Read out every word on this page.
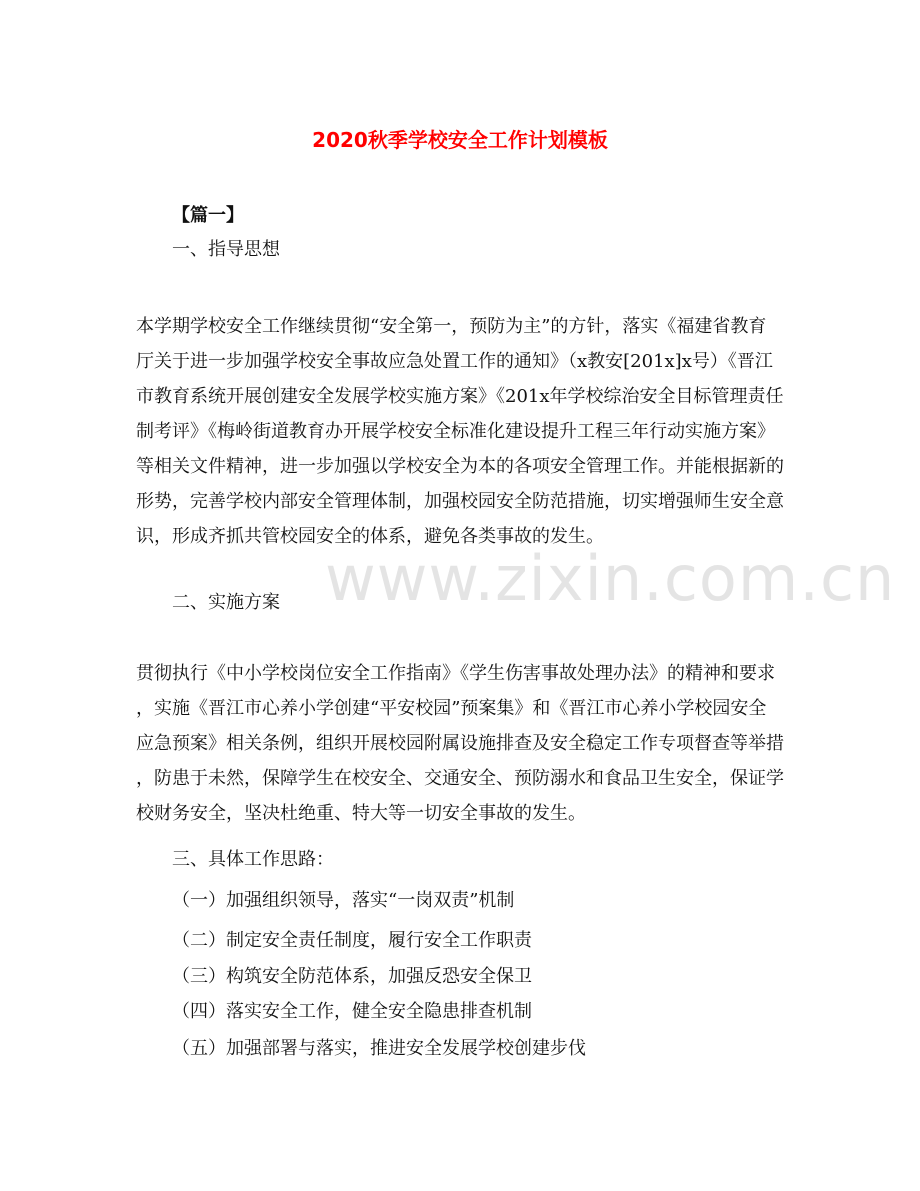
2020秋季学校安全工作计划模板
【篇一】
一、指导思想
本学期学校安全工作继续贯彻“安全第一，预防为主”的方针，落实《福建省教育
厅关于进一步加强学校安全事故应急处置工作的通知》（x教安[201x]x号）《晋江
市教育系统开展创建安全发展学校实施方案》《201x年学校综治安全目标管理责任
制考评》《梅岭街道教育办开展学校安全标准化建设提升工程三年行动实施方案》
等相关文件精神，进一步加强以学校安全为本的各项安全管理工作。并能根据新的
形势，完善学校内部安全管理体制，加强校园安全防范措施，切实增强师生安全意
识，形成齐抓共管校园安全的体系，避免各类事故的发生。
www.zixin.com.cn
二、实施方案
贯彻执行《中小学校岗位安全工作指南》《学生伤害事故处理办法》的精神和要求
，实施《晋江市心养小学创建“平安校园”预案集》和《晋江市心养小学校园安全
应急预案》相关条例，组织开展校园附属设施排查及安全稳定工作专项督查等举措
，防患于未然，保障学生在校安全、交通安全、预防溺水和食品卫生安全，保证学
校财务安全，坚决杜绝重、特大等一切安全事故的发生。
三、具体工作思路：
（一）加强组织领导，落实“一岗双责”机制
（二）制定安全责任制度，履行安全工作职责
（三）构筑安全防范体系，加强反恐安全保卫
（四）落实安全工作，健全安全隐患排查机制
（五）加强部署与落实，推进安全发展学校创建步伐
